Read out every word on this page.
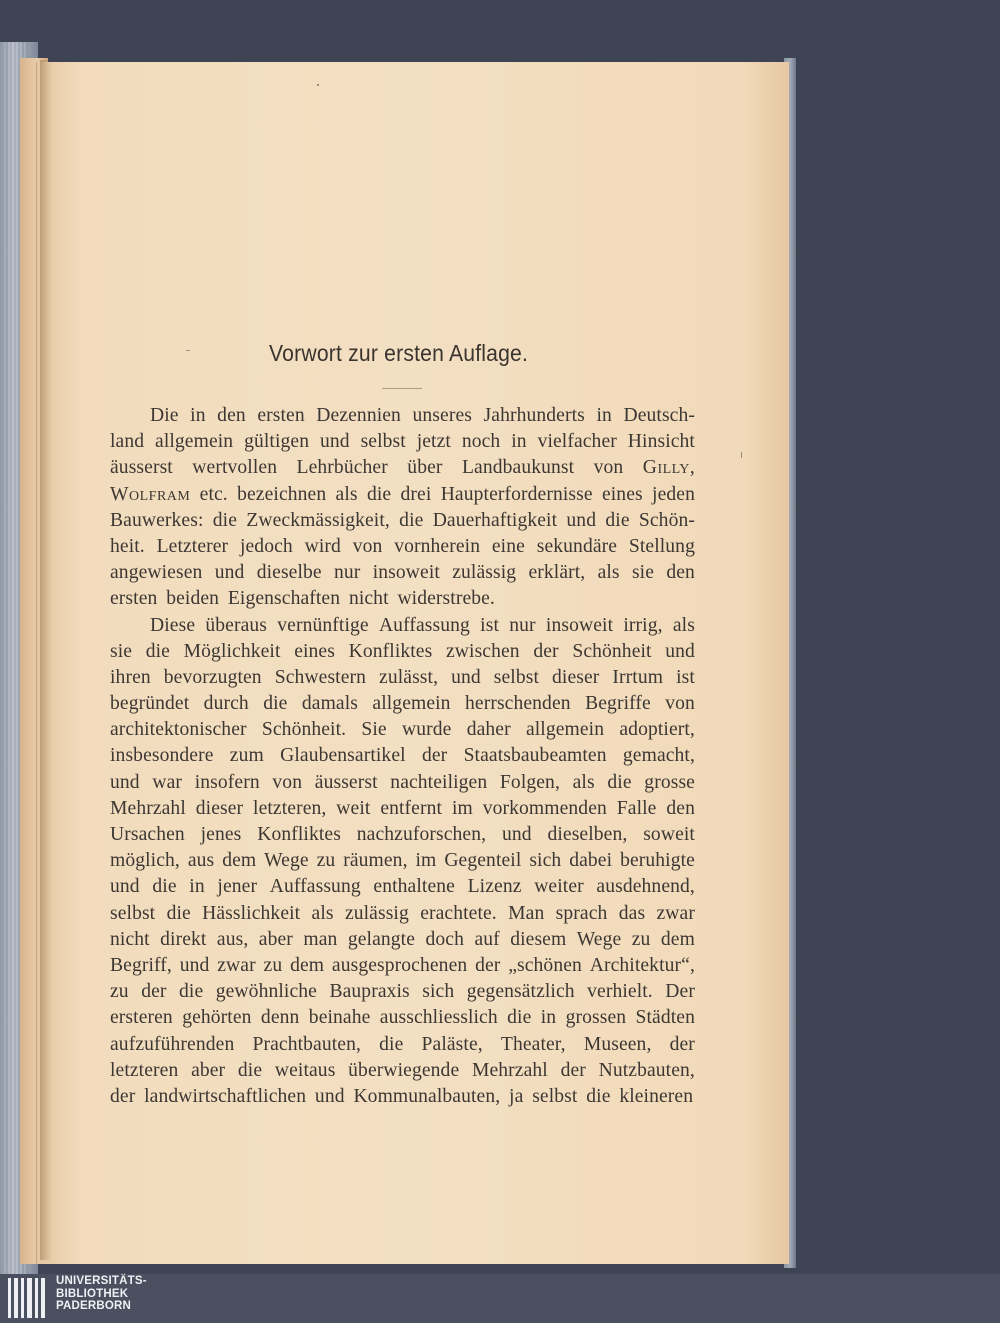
Vorwort zur ersten Auflage.
Die in den ersten Dezennien unseres Jahrhunderts in Deutsch-
land allgemein gültigen und selbst jetzt noch in vielfacher Hinsicht
äusserst wertvollen Lehrbücher über Landbaukunst von Gilly,
Wolfram etc. bezeichnen als die drei Haupterfordernisse eines jeden
Bauwerkes: die Zweckmässigkeit, die Dauerhaftigkeit und die Schön-
heit. Letzterer jedoch wird von vornherein eine sekundäre Stellung
angewiesen und dieselbe nur insoweit zulässig erklärt, als sie den
ersten beiden Eigenschaften nicht widerstrebe.
Diese überaus vernünftige Auffassung ist nur insoweit irrig, als
sie die Möglichkeit eines Konfliktes zwischen der Schönheit und
ihren bevorzugten Schwestern zulässt, und selbst dieser Irrtum ist
begründet durch die damals allgemein herrschenden Begriffe von
architektonischer Schönheit. Sie wurde daher allgemein adoptiert,
insbesondere zum Glaubensartikel der Staatsbaubeamten gemacht,
und war insofern von äusserst nachteiligen Folgen, als die grosse
Mehrzahl dieser letzteren, weit entfernt im vorkommenden Falle den
Ursachen jenes Konfliktes nachzuforschen, und dieselben, soweit
möglich, aus dem Wege zu räumen, im Gegenteil sich dabei beruhigte
und die in jener Auffassung enthaltene Lizenz weiter ausdehnend,
selbst die Hässlichkeit als zulässig erachtete. Man sprach das zwar
nicht direkt aus, aber man gelangte doch auf diesem Wege zu dem
Begriff, und zwar zu dem ausgesprochenen der „schönen Architektur“,
zu der die gewöhnliche Baupraxis sich gegensätzlich verhielt. Der
ersteren gehörten denn beinahe ausschliesslich die in grossen Städten
aufzuführenden Prachtbauten, die Paläste, Theater, Museen, der
letzteren aber die weitaus überwiegende Mehrzahl der Nutzbauten,
der landwirtschaftlichen und Kommunalbauten, ja selbst die kleineren
UNIVERSITÄTS-
BIBLIOTHEK
PADERBORN
